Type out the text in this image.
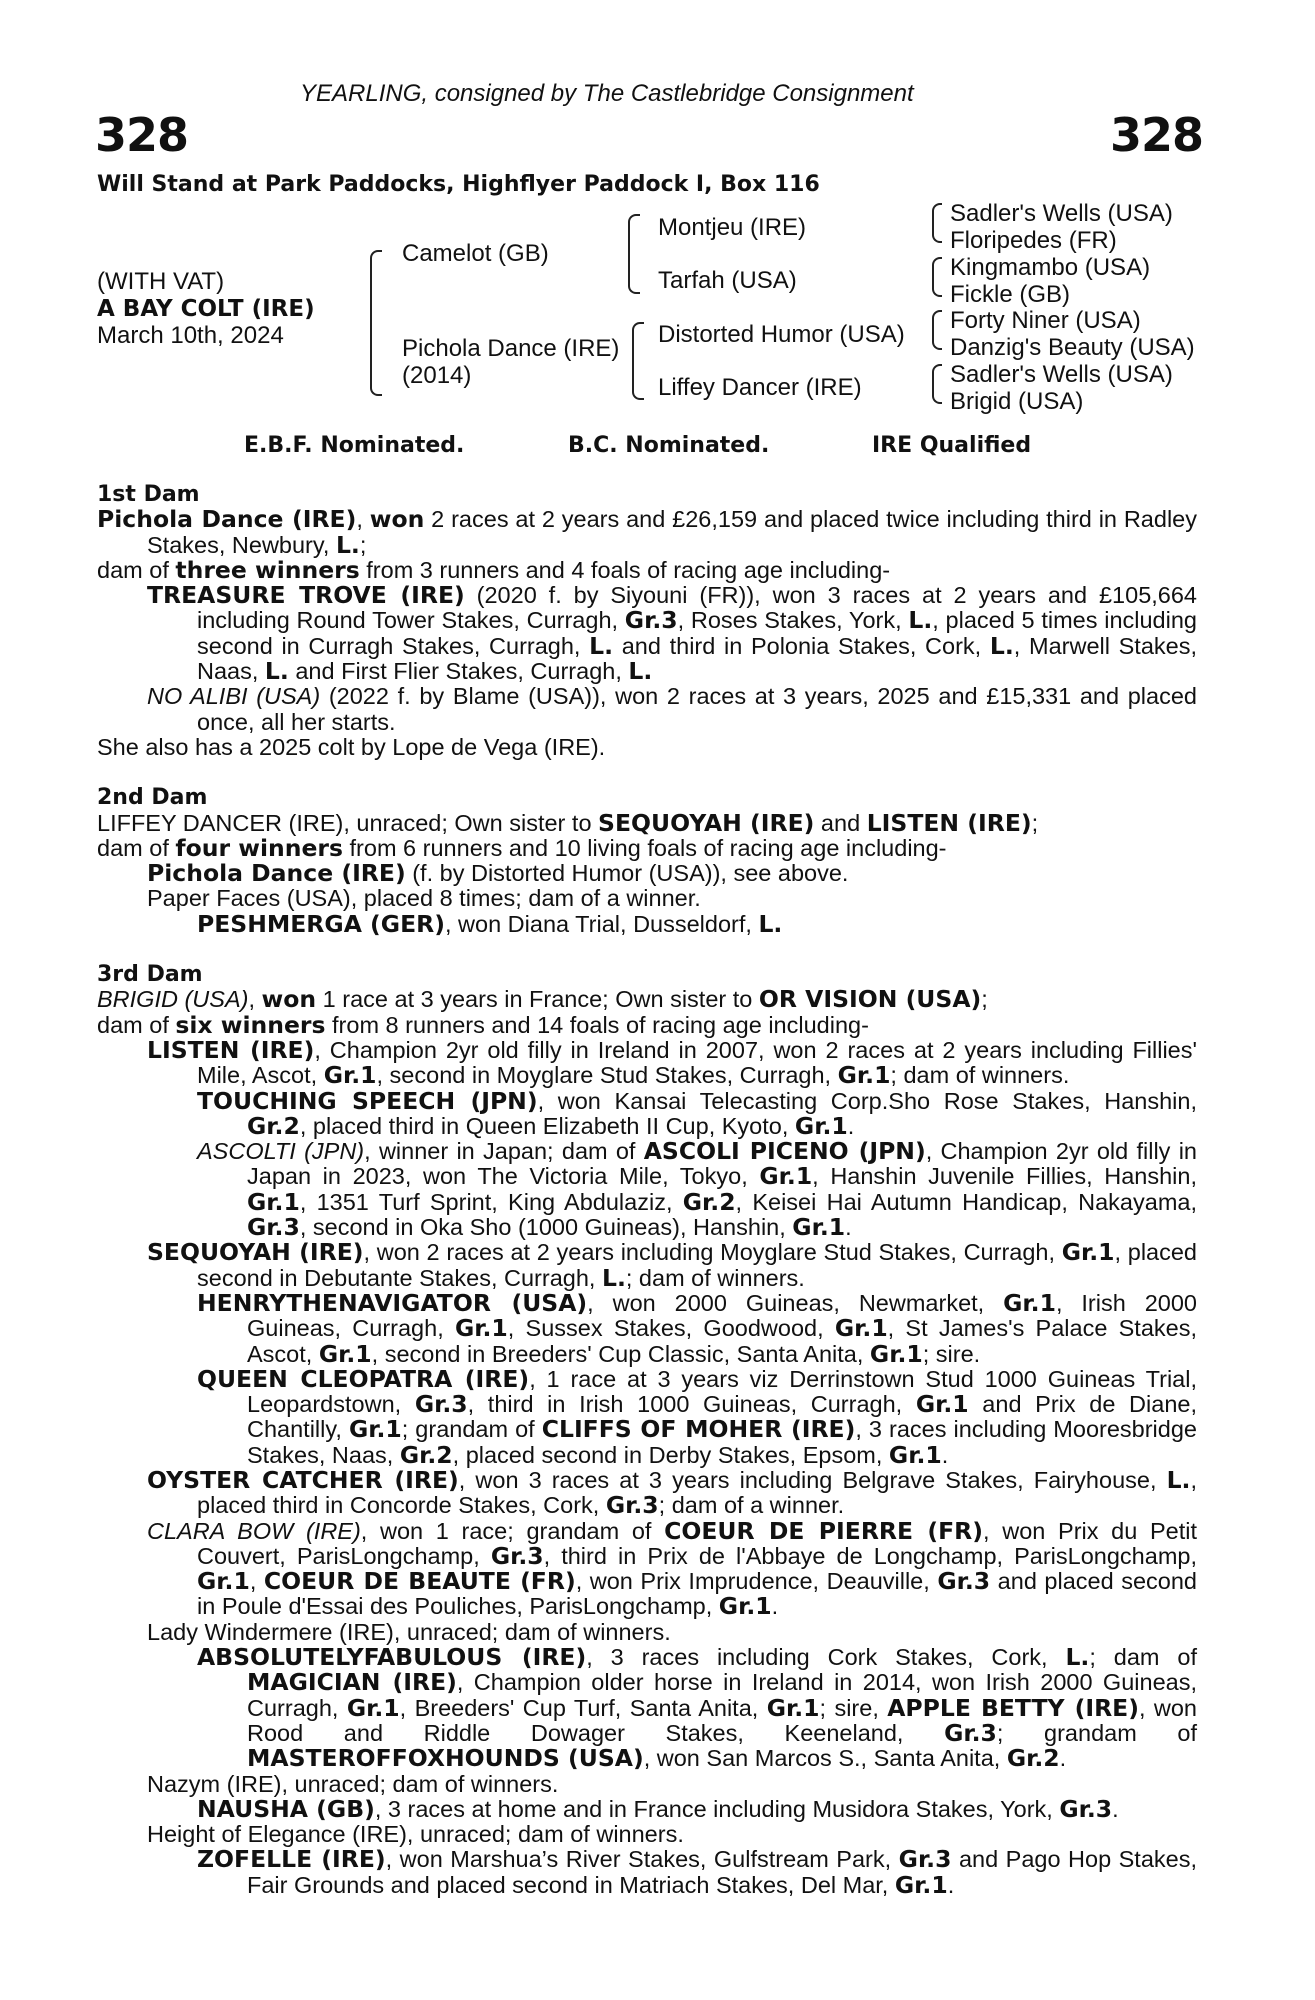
YEARLING, consigned by The Castlebridge Consignment
328	328
Will Stand at Park Paddocks, Highflyer Paddock I, Box 116
(WITH VAT)
A BAY COLT (IRE)
March 10th, 2024
Camelot (GB)
Pichola Dance (IRE)
(2014)
Montjeu (IRE)
Tarfah (USA)
Distorted Humor (USA)
Liffey Dancer (IRE)
Sadler's Wells (USA)
Floripedes (FR)
Kingmambo (USA)
Fickle (GB)
Forty Niner (USA)
Danzig's Beauty (USA)
Sadler's Wells (USA)
Brigid (USA)
E.B.F. Nominated.	B.C. Nominated.	IRE Qualified

1st Dam

Pichola Dance (IRE), won 2 races at 2 years and £26,159 and placed twice including third in Radley Stakes, Newbury, L.;

dam of three winners from 3 runners and 4 foals of racing age including-

TREASURE TROVE (IRE) (2020 f. by Siyouni (FR)), won 3 races at 2 years and £105,664 including Round Tower Stakes, Curragh, Gr.3, Roses Stakes, York, L., placed 5 times including second in Curragh Stakes, Curragh, L. and third in Polonia Stakes, Cork, L., Marwell Stakes, Naas, L. and First Flier Stakes, Curragh, L.

NO ALIBI (USA) (2022 f. by Blame (USA)), won 2 races at 3 years, 2025 and £15,331 and placed once, all her starts.

She also has a 2025 colt by Lope de Vega (IRE).

2nd Dam

LIFFEY DANCER (IRE), unraced; Own sister to SEQUOYAH (IRE) and LISTEN (IRE);

dam of four winners from 6 runners and 10 living foals of racing age including-

Pichola Dance (IRE) (f. by Distorted Humor (USA)), see above.

Paper Faces (USA), placed 8 times; dam of a winner.

PESHMERGA (GER), won Diana Trial, Dusseldorf, L.

3rd Dam

BRIGID (USA), won 1 race at 3 years in France; Own sister to OR VISION (USA);

dam of six winners from 8 runners and 14 foals of racing age including-

LISTEN (IRE), Champion 2yr old filly in Ireland in 2007, won 2 races at 2 years including Fillies' Mile, Ascot, Gr.1, second in Moyglare Stud Stakes, Curragh, Gr.1; dam of winners.

TOUCHING SPEECH (JPN), won Kansai Telecasting Corp.Sho Rose Stakes, Hanshin, Gr.2, placed third in Queen Elizabeth II Cup, Kyoto, Gr.1.

ASCOLTI (JPN), winner in Japan; dam of ASCOLI PICENO (JPN), Champion 2yr old filly in Japan in 2023, won The Victoria Mile, Tokyo, Gr.1, Hanshin Juvenile Fillies, Hanshin, Gr.1, 1351 Turf Sprint, King Abdulaziz, Gr.2, Keisei Hai Autumn Handicap, Nakayama, Gr.3, second in Oka Sho (1000 Guineas), Hanshin, Gr.1.

SEQUOYAH (IRE), won 2 races at 2 years including Moyglare Stud Stakes, Curragh, Gr.1, placed second in Debutante Stakes, Curragh, L.; dam of winners.

HENRYTHENAVIGATOR (USA), won 2000 Guineas, Newmarket, Gr.1, Irish 2000 Guineas, Curragh, Gr.1, Sussex Stakes, Goodwood, Gr.1, St James's Palace Stakes, Ascot, Gr.1, second in Breeders' Cup Classic, Santa Anita, Gr.1; sire.

QUEEN CLEOPATRA (IRE), 1 race at 3 years viz Derrinstown Stud 1000 Guineas Trial, Leopardstown, Gr.3, third in Irish 1000 Guineas, Curragh, Gr.1 and Prix de Diane, Chantilly, Gr.1; grandam of CLIFFS OF MOHER (IRE), 3 races including Mooresbridge Stakes, Naas, Gr.2, placed second in Derby Stakes, Epsom, Gr.1.

OYSTER CATCHER (IRE), won 3 races at 3 years including Belgrave Stakes, Fairyhouse, L., placed third in Concorde Stakes, Cork, Gr.3; dam of a winner.

CLARA BOW (IRE), won 1 race; grandam of COEUR DE PIERRE (FR), won Prix du Petit Couvert, ParisLongchamp, Gr.3, third in Prix de l'Abbaye de Longchamp, ParisLongchamp, Gr.1, COEUR DE BEAUTE (FR), won Prix Imprudence, Deauville, Gr.3 and placed second in Poule d'Essai des Pouliches, ParisLongchamp, Gr.1.

Lady Windermere (IRE), unraced; dam of winners.

ABSOLUTELYFABULOUS (IRE), 3 races including Cork Stakes, Cork, L.; dam of MAGICIAN (IRE), Champion older horse in Ireland in 2014, won Irish 2000 Guineas, Curragh, Gr.1, Breeders' Cup Turf, Santa Anita, Gr.1; sire, APPLE BETTY (IRE), won Rood and Riddle Dowager Stakes, Keeneland, Gr.3; grandam of MASTEROFFOXHOUNDS (USA), won San Marcos S., Santa Anita, Gr.2.

Nazym (IRE), unraced; dam of winners.

NAUSHA (GB), 3 races at home and in France including Musidora Stakes, York, Gr.3.

Height of Elegance (IRE), unraced; dam of winners.

ZOFELLE (IRE), won Marshua’s River Stakes, Gulfstream Park, Gr.3 and Pago Hop Stakes, Fair Grounds and placed second in Matriach Stakes, Del Mar, Gr.1.
